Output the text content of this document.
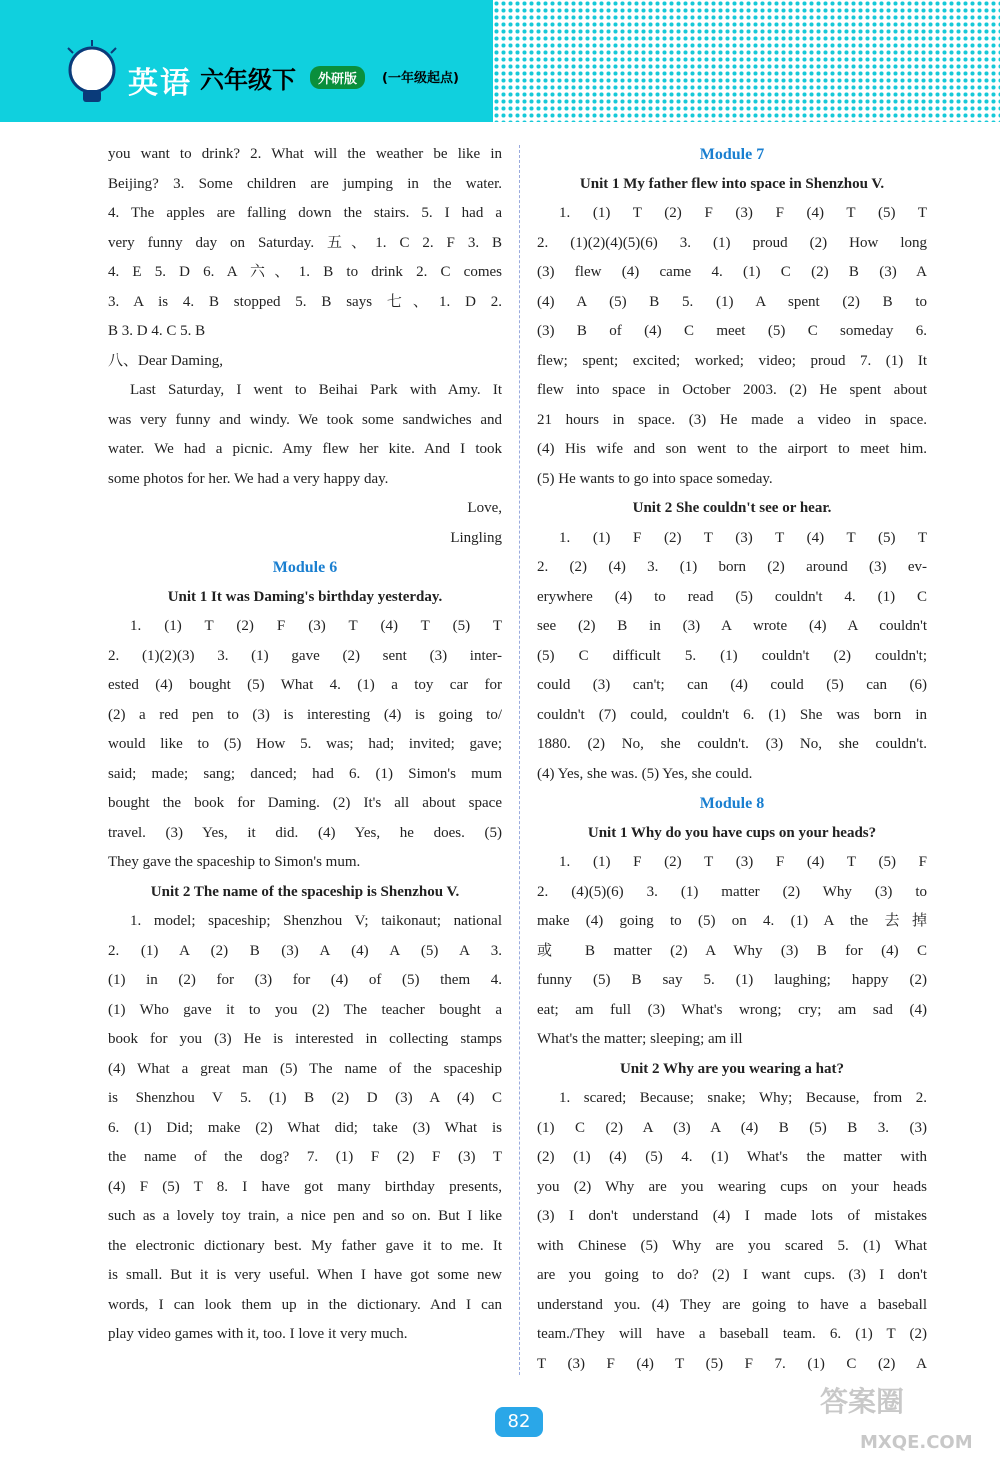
英语 六年级下	外研版	(一年级起点)
you want to drink? 2. What will the weather be like in
Beijing? 3. Some children are jumping in the water.
4. The apples are falling down the stairs. 5. I had a
very funny day on Saturday. 五、1. C 2. F 3. B
4. E 5. D 6. A 六、1. B to drink 2. C comes
3. A is 4. B stopped 5. B says 七、1. D 2.
B 3. D 4. C 5. B
八、Dear Daming,
Last Saturday, I went to Beihai Park with Amy. It
was very funny and windy. We took some sandwiches and
water. We had a picnic. Amy flew her kite. And I took
some photos for her. We had a very happy day.
Love,
Lingling
Module 6
Unit 1 It was Daming's birthday yesterday.
1. (1) T (2) F (3) T (4) T (5) T
2. (1)(2)(3) 3. (1) gave (2) sent (3) inter-
ested (4) bought (5) What 4. (1) a toy car for
(2) a red pen to (3) is interesting (4) is going to/
would like to (5) How 5. was; had; invited; gave;
said; made; sang; danced; had 6. (1) Simon's mum
bought the book for Daming. (2) It's all about space
travel. (3) Yes, it did. (4) Yes, he does. (5)
They gave the spaceship to Simon's mum.
Unit 2 The name of the spaceship is Shenzhou V.
1. model; spaceship; Shenzhou V; taikonaut; national
2. (1) A (2) B (3) A (4) A (5) A 3.
(1) in (2) for (3) for (4) of (5) them 4.
(1) Who gave it to you (2) The teacher bought a
book for you (3) He is interested in collecting stamps
(4) What a great man (5) The name of the spaceship
is Shenzhou V 5. (1) B (2) D (3) A (4) C
6. (1) Did; make (2) What did; take (3) What is
the name of the dog? 7. (1) F (2) F (3) T
(4) F (5) T 8. I have got many birthday presents,
such as a lovely toy train, a nice pen and so on. But I like
the electronic dictionary best. My father gave it to me. It
is small. But it is very useful. When I have got some new
words, I can look them up in the dictionary. And I can
play video games with it, too. I love it very much.
Module 7
Unit 1 My father flew into space in Shenzhou V.
1. (1) T (2) F (3) F (4) T (5) T
2. (1)(2)(4)(5)(6) 3. (1) proud (2) How long
(3) flew (4) came 4. (1) C (2) B (3) A
(4) A (5) B 5. (1) A spent (2) B to
(3) B of (4) C meet (5) C someday 6.
flew; spent; excited; worked; video; proud 7. (1) It
flew into space in October 2003. (2) He spent about
21 hours in space. (3) He made a video in space.
(4) His wife and son went to the airport to meet him.
(5) He wants to go into space someday.
Unit 2 She couldn't see or hear.
1. (1) F (2) T (3) T (4) T (5) T
2. (2) (4) 3. (1) born (2) around (3) ev-
erywhere (4) to read (5) couldn't 4. (1) C
see (2) B in (3) A wrote (4) A couldn't
(5) C difficult 5. (1) couldn't (2) couldn't;
could (3) can't; can (4) could (5) can (6)
couldn't (7) could, couldn't 6. (1) She was born in
1880. (2) No, she couldn't. (3) No, she couldn't.
(4) Yes, she was. (5) Yes, she could.
Module 8
Unit 1 Why do you have cups on your heads?
1. (1) F (2) T (3) F (4) T (5) F
2. (4)(5)(6) 3. (1) matter (2) Why (3) to
make (4) going to (5) on 4. (1) A the 去掉
或 B matter (2) A Why (3) B for (4) C
funny (5) B say 5. (1) laughing; happy (2)
eat; am full (3) What's wrong; cry; am sad (4)
What's the matter; sleeping; am ill
Unit 2 Why are you wearing a hat?
1. scared; Because; snake; Why; Because, from 2.
(1) C (2) A (3) A (4) B (5) B 3. (3)
(2) (1) (4) (5) 4. (1) What's the matter with
you (2) Why are you wearing cups on your heads
(3) I don't understand (4) I made lots of mistakes
with Chinese (5) Why are you scared 5. (1) What
are you going to do? (2) I want cups. (3) I don't
understand you. (4) They are going to have a baseball
team./They will have a baseball team. 6. (1) T (2)
T (3) F (4) T (5) F 7. (1) C (2) A
82
答案圈
MXQE.COM
